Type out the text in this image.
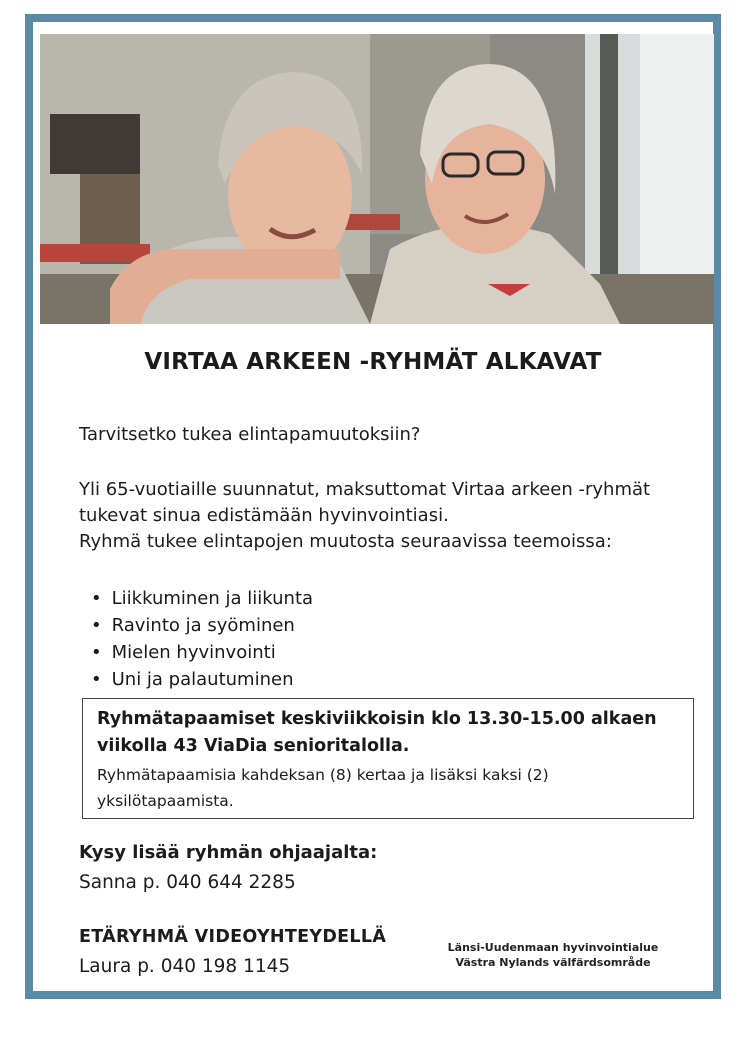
VIRTAA ARKEEN -RYHMÄT ALKAVAT
Tarvitsetko tukea elintapamuutoksiin?
Yli 65-vuotiaille suunnatut, maksuttomat Virtaa arkeen -ryhmät
tukevat sinua edistämään hyvinvointiasi.
Ryhmä tukee elintapojen muutosta seuraavissa teemoissa:
• Liikkuminen ja liikunta
• Ravinto ja syöminen
• Mielen hyvinvointi
• Uni ja palautuminen
Ryhmätapaamiset keskiviikkoisin klo 13.30-15.00 alkaen
viikolla 43 ViaDia senioritalolla.
Ryhmätapaamisia kahdeksan (8) kertaa ja lisäksi kaksi (2)
yksilötapaamista.
Kysy lisää ryhmän ohjaajalta:
Sanna p. 040 644 2285
ETÄRYHMÄ VIDEOYHTEYDELLÄ
Laura p. 040 198 1145
Länsi-Uudenmaan hyvinvointialue
Västra Nylands välfärdsområde
